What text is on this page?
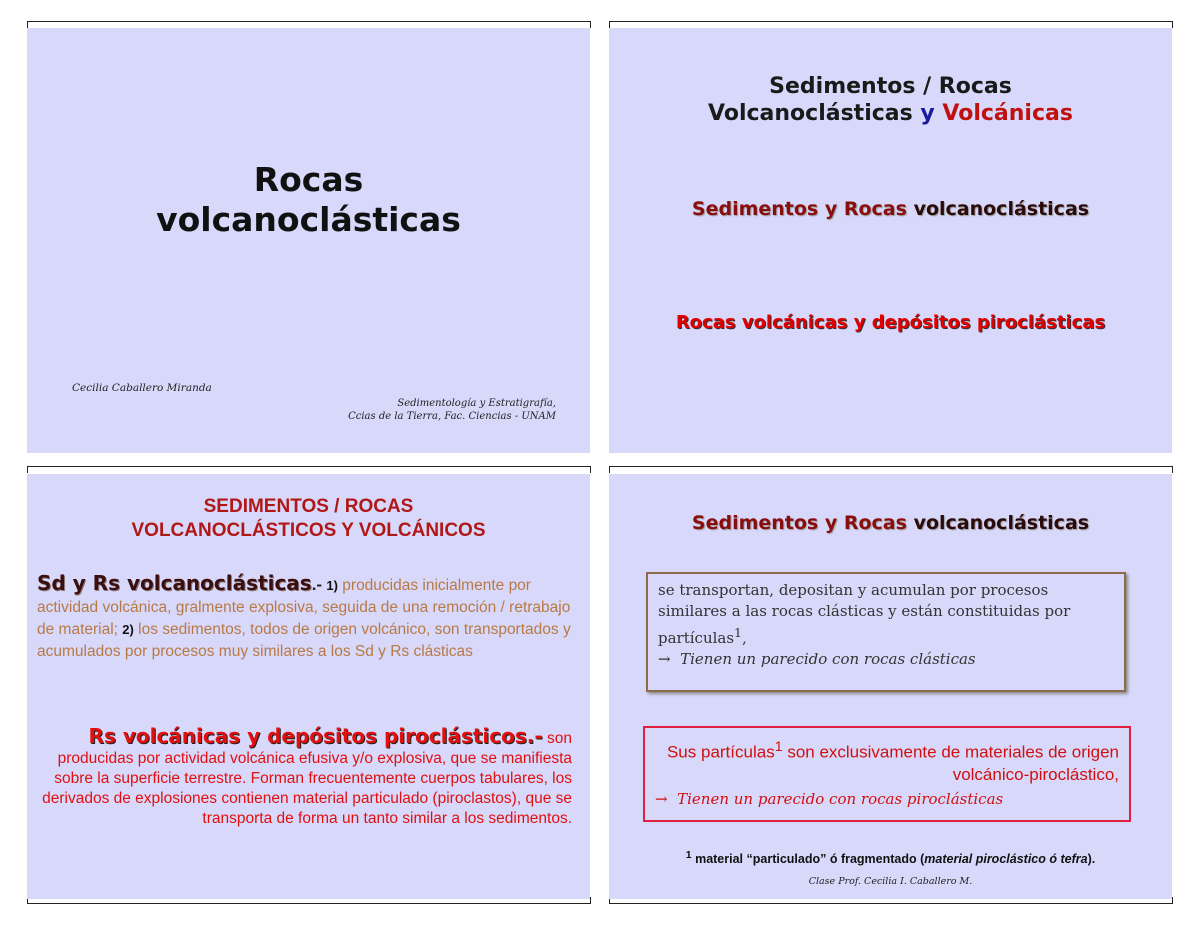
Rocas
volcanoclásticas
Cecilia Caballero Miranda
Sedimentología y Estratigrafía,
Ccias de la Tierra, Fac. Ciencias - UNAM
Sedimentos / Rocas
Volcanoclásticas y Volcánicas
Sedimentos y Rocas volcanoclásticas
Rocas volcánicas y depósitos piroclásticas
SEDIMENTOS / ROCAS
VOLCANOCLÁSTICOS Y VOLCÁNICOS
Sd y Rs volcanoclásticas.- 1) producidas inicialmente por actividad volcánica, gralmente explosiva, seguida de una remoción / retrabajo de material; 2) los sedimentos, todos de origen volcánico, son transportados y acumulados por procesos muy similares a los Sd y Rs clásticas
Rs volcánicas y depósitos piroclásticos.- son producidas por actividad volcánica efusiva y/o explosiva, que se manifiesta sobre la superficie terrestre. Forman frecuentemente cuerpos tabulares, los derivados de explosiones contienen material particulado (piroclastos), que se transporta de forma un tanto similar a los sedimentos.
Sedimentos y Rocas volcanoclásticas
se transportan, depositan y acumulan por procesos similares a las rocas clásticas y están constituidas por partículas$^1$,
→ Tienen un parecido con rocas clásticas
Sus partículas$^1$ son exclusivamente de materiales de origen volcánico-piroclástico,
→ Tienen un parecido con rocas piroclásticas
$^1$ material “particulado” ó fragmentado (material piroclástico ó tefra).
Clase Prof. Cecilia I. Caballero M.
